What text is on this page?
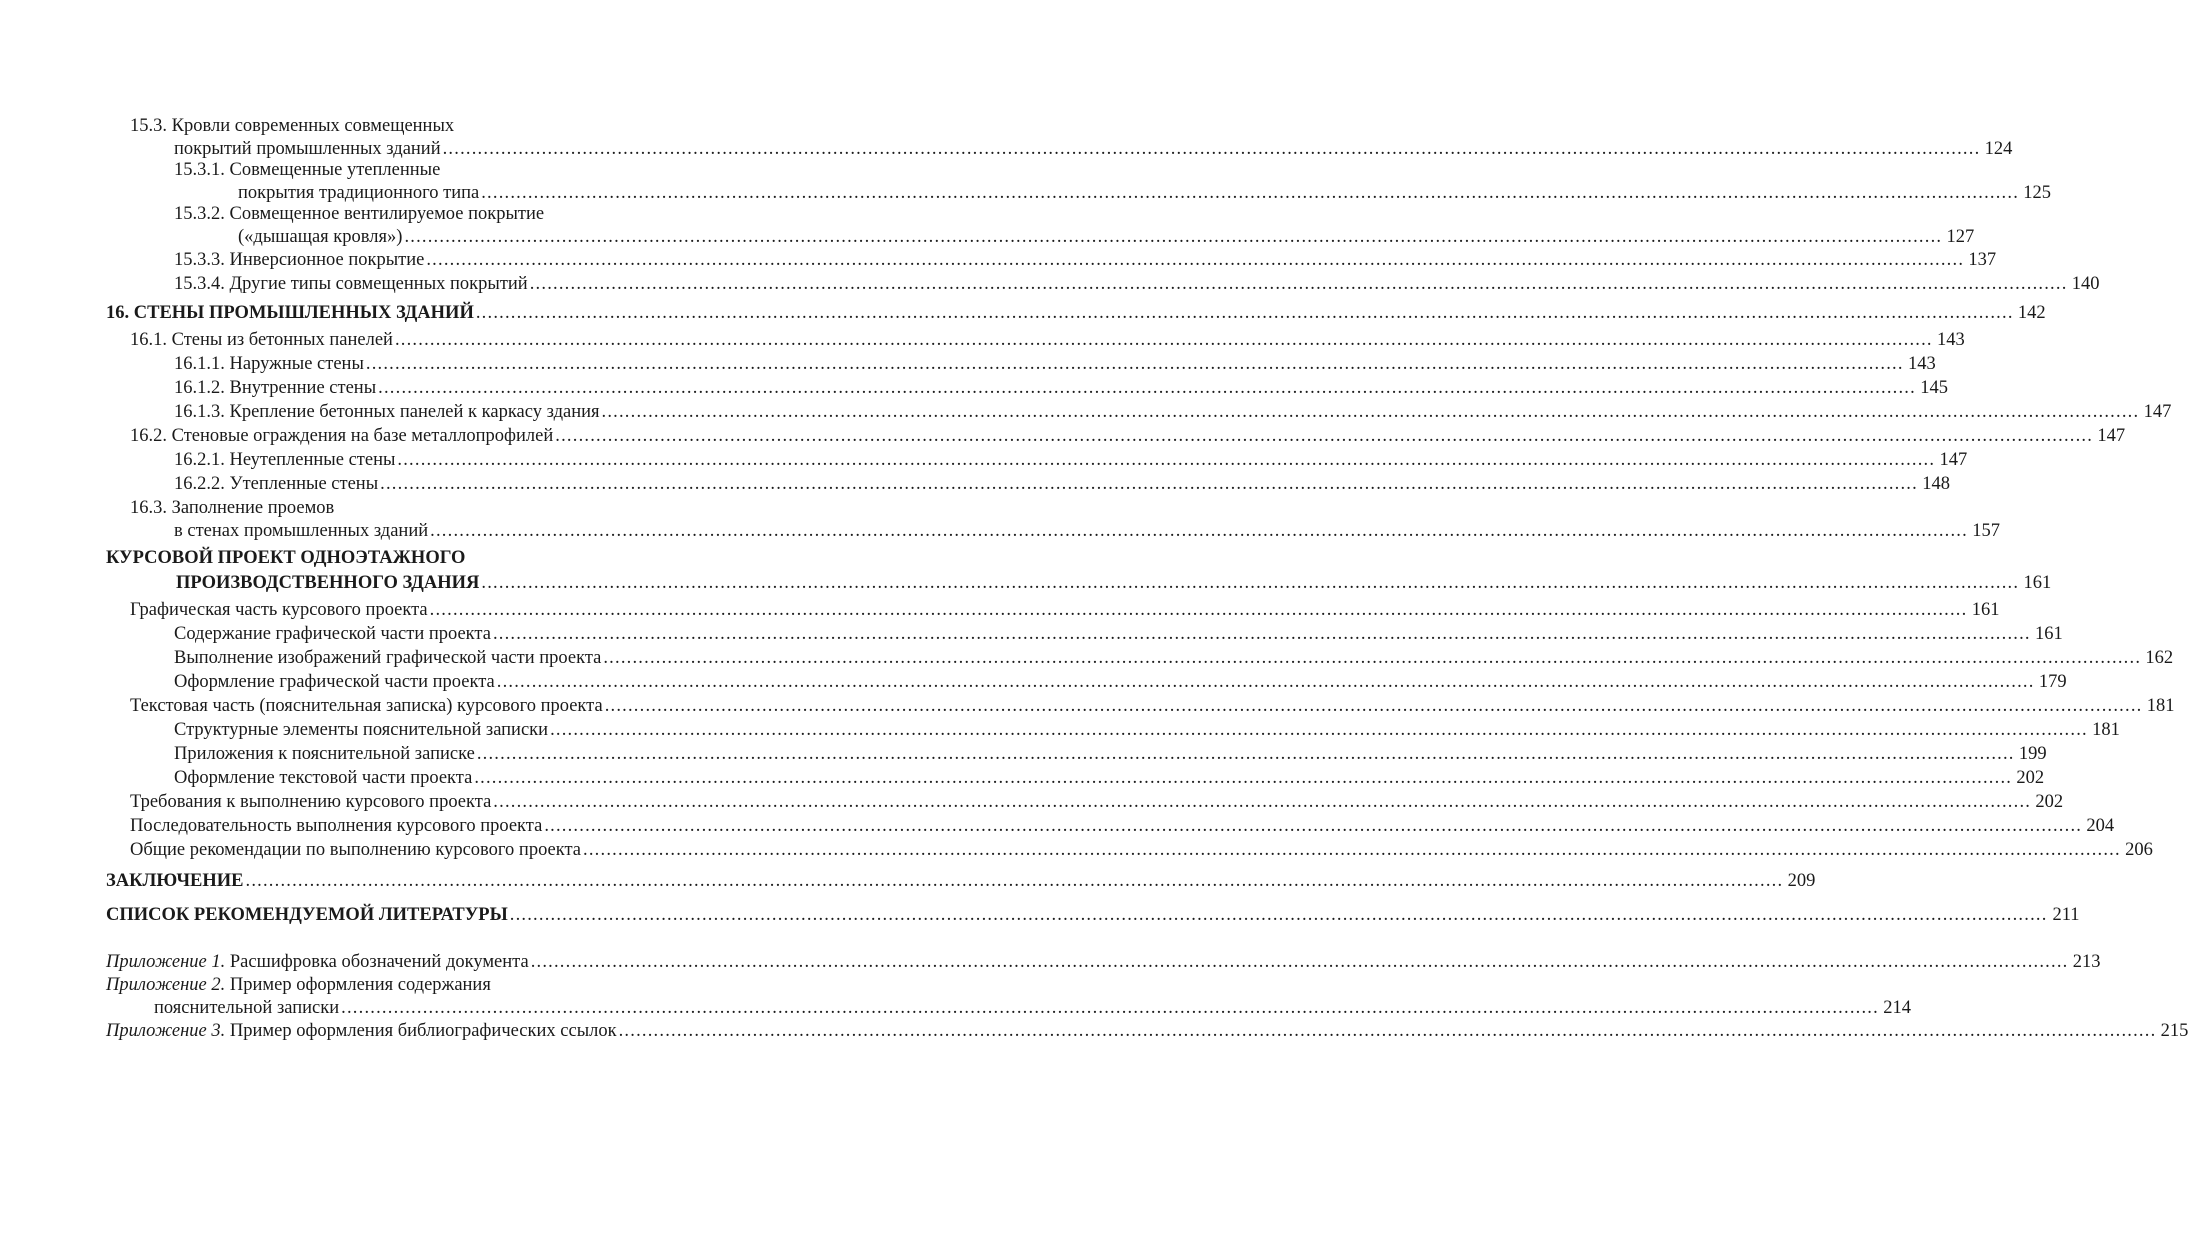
15.3. Кровли современных совмещенных
покрытий промышленных зданий .....	124
15.3.1. Совмещенные утепленные
покрытия традиционного типа .....	125
15.3.2. Совмещенное вентилируемое покрытие
(«дышащая кровля») .....	127
15.3.3. Инверсионное покрытие .....	137
15.3.4. Другие типы совмещенных покрытий .....	140
16. СТЕНЫ ПРОМЫШЛЕННЫХ ЗДАНИЙ .....	142
16.1. Стены из бетонных панелей .....	143
16.1.1. Наружные стены .....	143
16.1.2. Внутренние стены .....	145
16.1.3. Крепление бетонных панелей к каркасу здания .....	147
16.2. Стеновые ограждения на базе металлопрофилей .....	147
16.2.1. Неутепленные стены .....	147
16.2.2. Утепленные стены .....	148
16.3. Заполнение проемов
в стенах промышленных зданий .....	157
КУРСОВОЙ ПРОЕКТ ОДНОЭТАЖНОГО
ПРОИЗВОДСТВЕННОГО ЗДАНИЯ .....	161
Графическая часть курсового проекта .....	161
Содержание графической части проекта .....	161
Выполнение изображений графической части проекта .....	162
Оформление графической части проекта .....	179
Текстовая часть (пояснительная записка) курсового проекта .....	181
Структурные элементы пояснительной записки .....	181
Приложения к пояснительной записке .....	199
Оформление текстовой части проекта .....	202
Требования к выполнению курсового проекта .....	202
Последовательность выполнения курсового проекта .....	204
Общие рекомендации по выполнению курсового проекта .....	206
ЗАКЛЮЧЕНИЕ .....	209
СПИСОК РЕКОМЕНДУЕМОЙ ЛИТЕРАТУРЫ .....	211
Приложение 1. Расшифровка обозначений документа .....	213
Приложение 2. Пример оформления содержания
пояснительной записки .....	214
Приложение 3. Пример оформления библиографических ссылок .....	215
